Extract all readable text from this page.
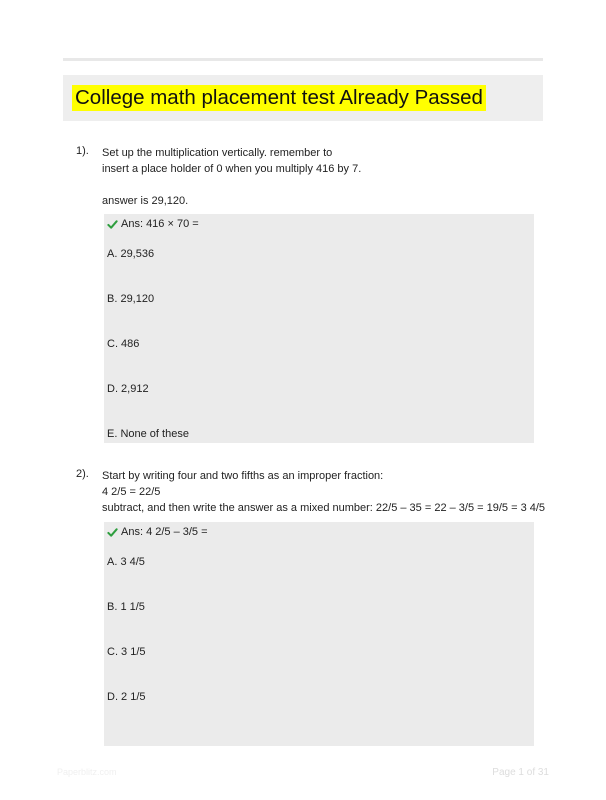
College math placement test Already Passed
1). Set up the multiplication vertically. remember to

insert a place holder of 0 when you multiply 416 by 7.

answer is 29,120.

Ans: 416 × 70 =
A. 29,536
B. 29,120
C. 486
D. 2,912
E. None of these
2). Start by writing four and two fifths as an improper fraction:

4 2/5 = 22/5

subtract, and then write the answer as a mixed number: 22/5 – 35 = 22 – 3/5 = 19/5 = 3 4/5

Ans: 4 2/5 – 3/5 =
A. 3 4/5
B. 1 1/5
C. 3 1/5
D. 2 1/5
Paperblitz.com	Page 1 of 31
